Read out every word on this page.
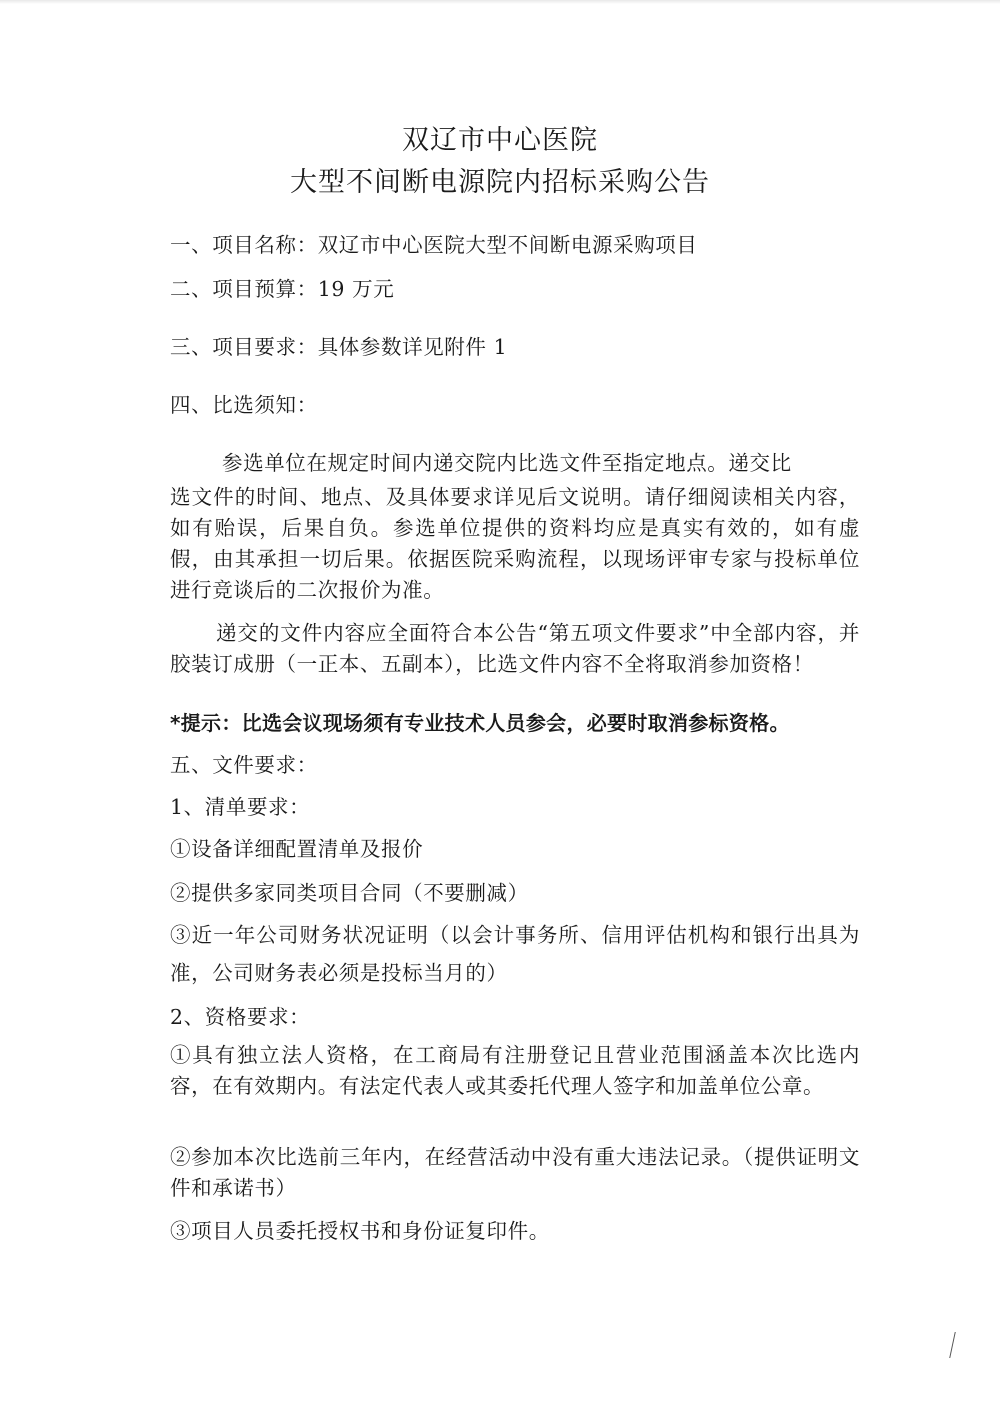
双辽市中心医院
大型不间断电源院内招标采购公告
一、项目名称：双辽市中心医院大型不间断电源采购项目
二、项目预算：19 万元
三、项目要求：具体参数详见附件 1
四、比选须知：
参选单位在规定时间内递交院内比选文件至指定地点。递交比

选文件的时间、地点、及具体要求详见后文说明。请仔细阅读相关内容，如有贻误，后果自负。参选单位提供的资料均应是真实有效的，如有虚假，由其承担一切后果。依据医院采购流程，以现场评审专家与投标单位进行竞谈后的二次报价为准。

递交的文件内容应全面符合本公告“第五项文件要求”中全部内容，并胶装订成册（一正本、五副本），比选文件内容不全将取消参加资格！

*提示：比选会议现场须有专业技术人员参会，必要时取消参标资格。
五、文件要求：
1、清单要求：
①设备详细配置清单及报价
②提供多家同类项目合同（不要删减）

③近一年公司财务状况证明（以会计事务所、信用评估机构和银行出具为准，公司财务表必须是投标当月的）

2、资格要求：

①具有独立法人资格，在工商局有注册登记且营业范围涵盖本次比选内容，在有效期内。有法定代表人或其委托代理人签字和加盖单位公章。

②参加本次比选前三年内，在经营活动中没有重大违法记录。（提供证明文件和承诺书）

③项目人员委托授权书和身份证复印件。
